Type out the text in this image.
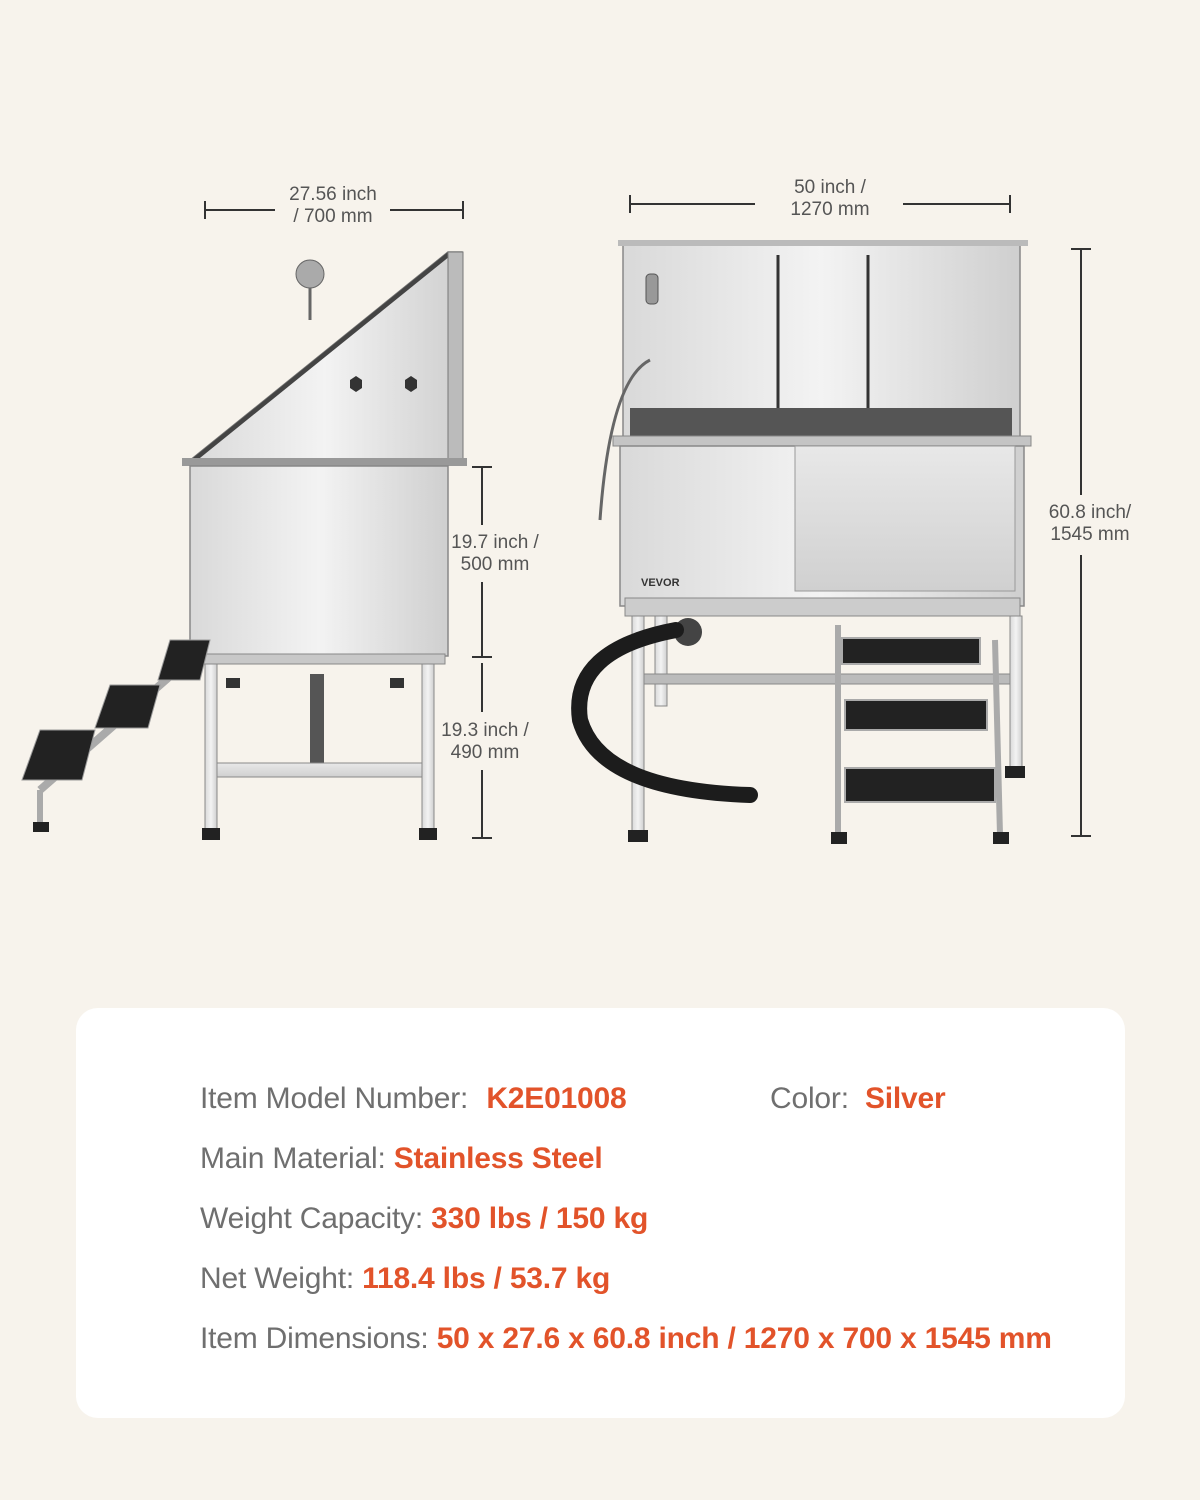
VEVOR
27.56 inch
/ 700 mm
50 inch /
1270 mm
19.7 inch /
500 mm
19.3 inch /
490 mm
60.8 inch/
1545 mm
Item Model Number: K2E01008	Color: Silver
Main Material: Stainless Steel
Weight Capacity: 330 lbs / 150 kg
Net Weight: 118.4 lbs / 53.7 kg
Item Dimensions: 50 x 27.6 x 60.8 inch / 1270 x 700 x 1545 mm
